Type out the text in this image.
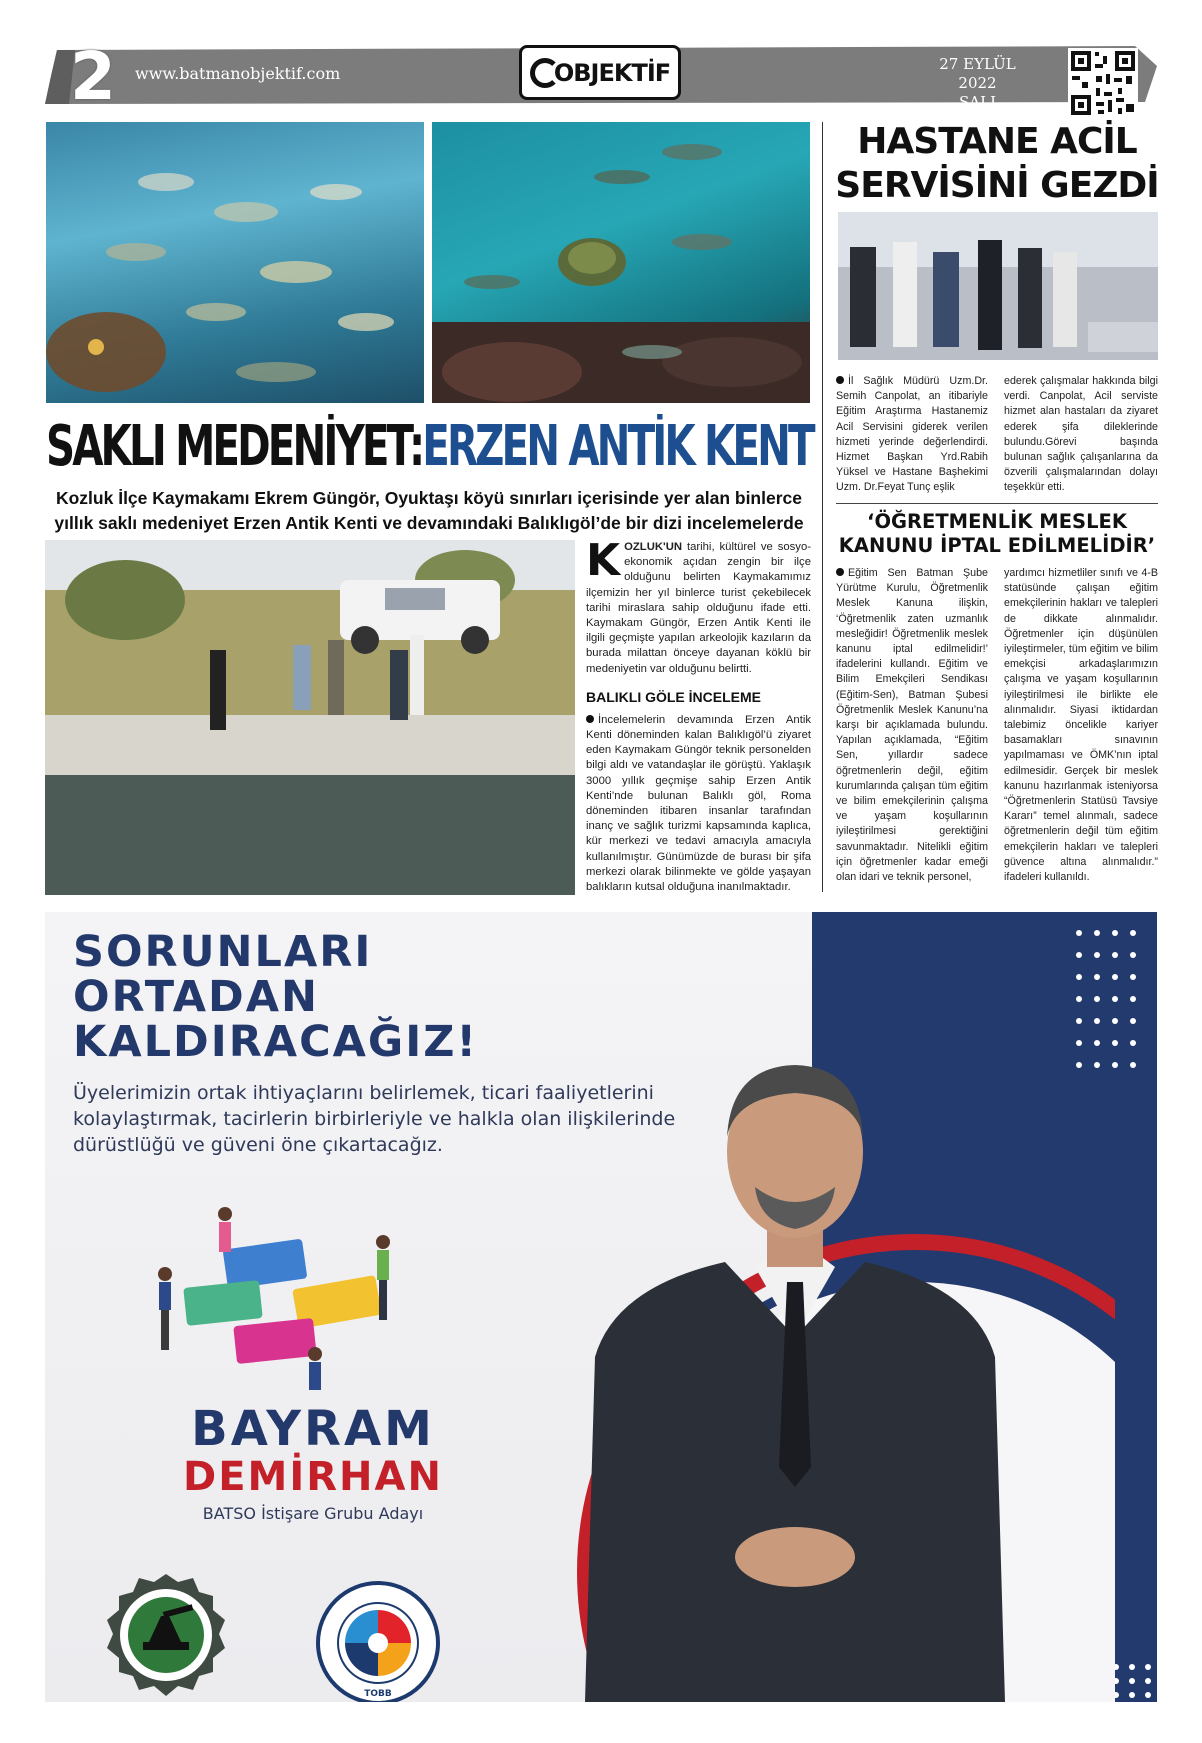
2 www.batmanobjektif.com	OBJEKTİF	27 EYLÜL 2022
SALI
SAKLI MEDENİYET: ERZEN ANTİK KENT
Kozluk İlçe Kaymakamı Ekrem Güngör, Oyuktaşı köyü sınırları içerisinde yer alan binlerce yıllık saklı medeniyet Erzen Antik Kenti ve devamındaki Balıklıgöl’de bir dizi incelemelerde

KOZLUK'UN tarihi, kültürel ve sosyo-ekonomik açıdan zengin bir ilçe olduğunu belirten Kaymakamımız ilçemizin her yıl binlerce turist çekebilecek tarihi miraslara sahip olduğunu ifade etti. Kaymakam Güngör, Erzen Antik Kenti ile ilgili geçmişte yapılan arkeolojik kazıların da burada milattan önceye dayanan köklü bir medeniyetin var olduğunu belirtti.

BALIKLI GÖLE İNCELEME

İncelemelerin devamında Erzen Antik Kenti döneminden kalan Balıklıgöl’ü ziyaret eden Kaymakam Güngör teknik personelden bilgi aldı ve vatandaşlar ile görüştü. Yaklaşık 3000 yıllık geçmişe sahip Erzen Antik Kenti’nde bulunan Balıklı göl, Roma döneminden itibaren insanlar tarafından inanç ve sağlık turizmi kapsamında kaplıca, kür merkezi ve tedavi amacıyla amacıyla kullanılmıştır. Günümüzde de burası bir şifa merkezi olarak bilinmekte ve gölde yaşayan balıkların kutsal olduğuna inanılmaktadır.

HASTANE ACİL SERVİSİNİ GEZDİ
İl Sağlık Müdürü Uzm.Dr. Semih Canpolat, an itibariyle Eğitim Araştırma Hastanemiz Acil Servisini giderek verilen hizmeti yerinde değerlendirdi. Hizmet Başkan Yrd.Rabih Yüksel ve Hastane Başhekimi Uzm. Dr.Feyat Tunç eşlik
ederek çalışmalar hakkında bilgi verdi. Canpolat, Acil serviste hizmet alan hastaları da ziyaret ederek şifa dileklerinde bulundu.Görevi başında bulunan sağlık çalışanlarına da özverili çalışmalarından dolayı teşekkür etti.
‘ÖĞRETMENLİK MESLEK KANUNU İPTAL EDİLMELİDİR’
Eğitim Sen Batman Şube Yürütme Kurulu, Öğretmenlik Meslek Kanuna ilişkin, ‘Öğretmenlik zaten uzmanlık mesleğidir! Öğretmenlik meslek kanunu iptal edilmelidir!’ ifadelerini kullandı. Eğitim ve Bilim Emekçileri Sendikası (Eğitim-Sen), Batman Şubesi Öğretmenlik Meslek Kanunu’na karşı bir açıklamada bulundu. Yapılan açıklamada, “Eğitim Sen, yıllardır sadece öğretmenlerin değil, eğitim kurumlarında çalışan tüm eğitim ve bilim emekçilerinin çalışma ve yaşam koşullarının iyileştirilmesi gerektiğini savunmaktadır. Nitelikli eğitim için öğretmenler kadar emeği olan idari ve teknik personel,
yardımcı hizmetliler sınıfı ve 4-B statüsünde çalışan eğitim emekçilerinin hakları ve talepleri de dikkate alınmalıdır. Öğretmenler için düşünülen iyileştirmeler, tüm eğitim ve bilim emekçisi arkadaşlarımızın çalışma ve yaşam koşullarının iyileştirilmesi ile birlikte ele alınmalıdır. Siyasi iktidardan talebimiz öncelikle kariyer basamakları sınavının yapılmaması ve ÖMK’nın iptal edilmesidir. Gerçek bir meslek kanunu hazırlanmak isteniyorsa “Öğretmenlerin Statüsü Tavsiye Kararı” temel alınmalı, sadece öğretmenlerin değil tüm eğitim emekçilerin hakları ve talepleri güvence altına alınmalıdır.” ifadeleri kullanıldı.
SORUNLARI
ORTADAN
KALDIRACAĞIZ!
Üyelerimizin ortak ihtiyaçlarını belirlemek, ticari faaliyetlerini kolaylaştırmak, tacirlerin birbirleriyle ve halkla olan ilişkilerinde dürüstlüğü ve güveni öne çıkartacağız.
BAYRAM
DEMİRHAN
BATSO İstişare Grubu Adayı
TOBB
